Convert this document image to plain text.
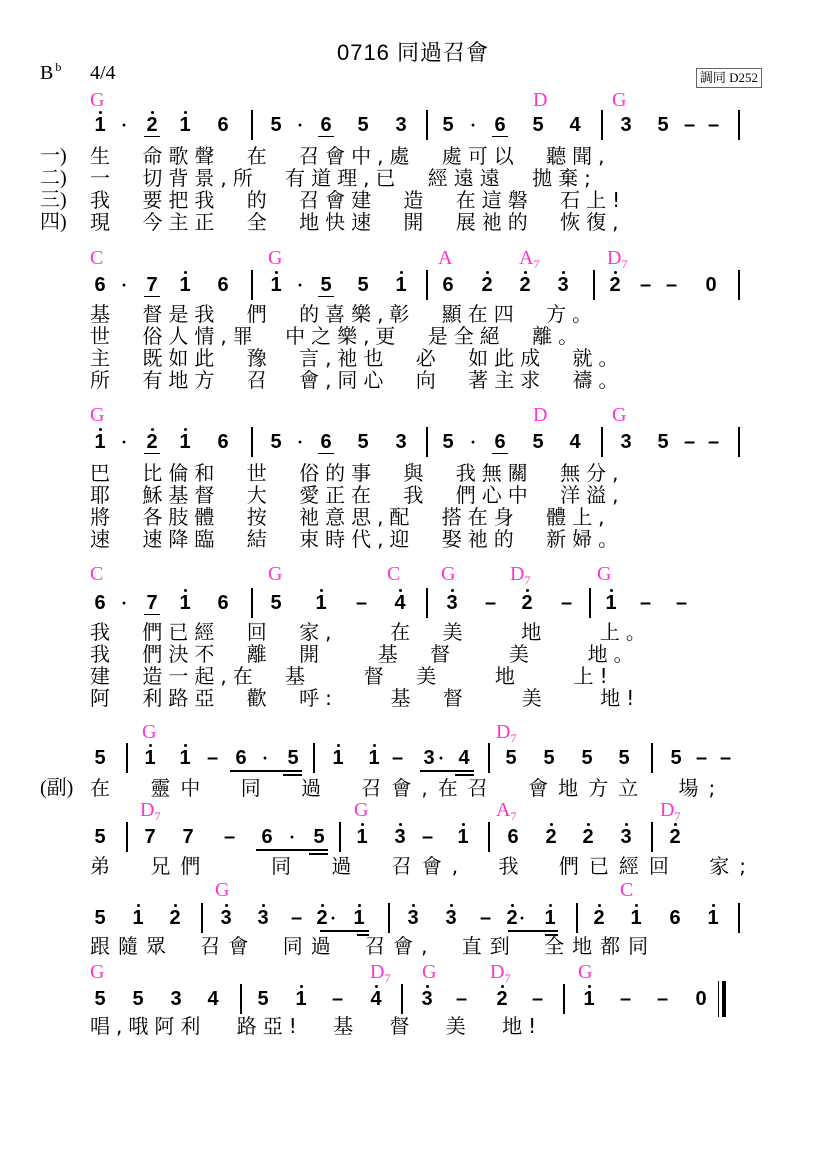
0716 同過召會
B $^b$ 4/4	調同 D252
G	D	G
1 · 2 1 6 5 · 6 5 3 5 · 6 5 4 3 5 – –
一)
二)
三)
四)
生 命歌聲 在 召會中,處 處可以 聽聞,
一 切背景,所 有道理,已 經遠遠 拋棄;
我 要把我 的 召會建 造 在這磐 石上!
現 今主正 全 地快速 開 展祂的 恢復,
C	G	A	$A_7$	$D_7$
6 · 7 1 6 1 · 5 5 1 6 2 2 3 2 – – 0
基 督是我 們 的喜樂,彰 顯在四 方。
世 俗人情,罪 中之樂,更 是全絕 離。
主 既如此 豫 言,祂也 必 如此成 就。
所 有地方 召 會,同心 向 著主求 禱。
G	D	G
1 · 2 1 6 5 · 6 5 3 5 · 6 5 4 3 5 – –
巴 比倫和 世 俗的事 與 我無關 無分,
耶 穌基督 大 愛正在 我 們心中 洋溢,
將 各肢體 按 祂意思,配 搭在身 體上,
速 速降臨 結 束時代,迎 娶祂的 新婦。
C	G	C G	$D_7$	G
6 · 7 1 6 5 1 – 4 3 – 2 – 1 – –
我 們已經 回 家,  在 美  地  上。
我 們決不 離 開  基 督  美  地。
建 造一起,在 基  督 美  地  上!
阿 利路亞 歡 呼:  基 督  美  地!
G	$D_7$
5 1 1 – 6 · 5 1 1 – 3 · 4 5 5 5 5 5 – –
(副) 在 靈中 同 過 召會,在召 會地方立 場;
$D_7$	G	$A_7$	$D_7$
5 7 7 – 6 · 5 1 3 – 1 6 2 2 3 2
弟 兄們  同 過 召會, 我 們已經回 家;
G	C
5 1 2 3 3 – 2 · 1 3 3 – 2 · 1 2 1 6 1
跟隨眾 召會 同過 召會, 直到 全地都同
G	$D_7$ G	$D_7$	G
5 5 3 4 5 1 – 4 3 – 2 – 1 – – 0
唱,哦阿利 路亞! 基 督 美 地!
